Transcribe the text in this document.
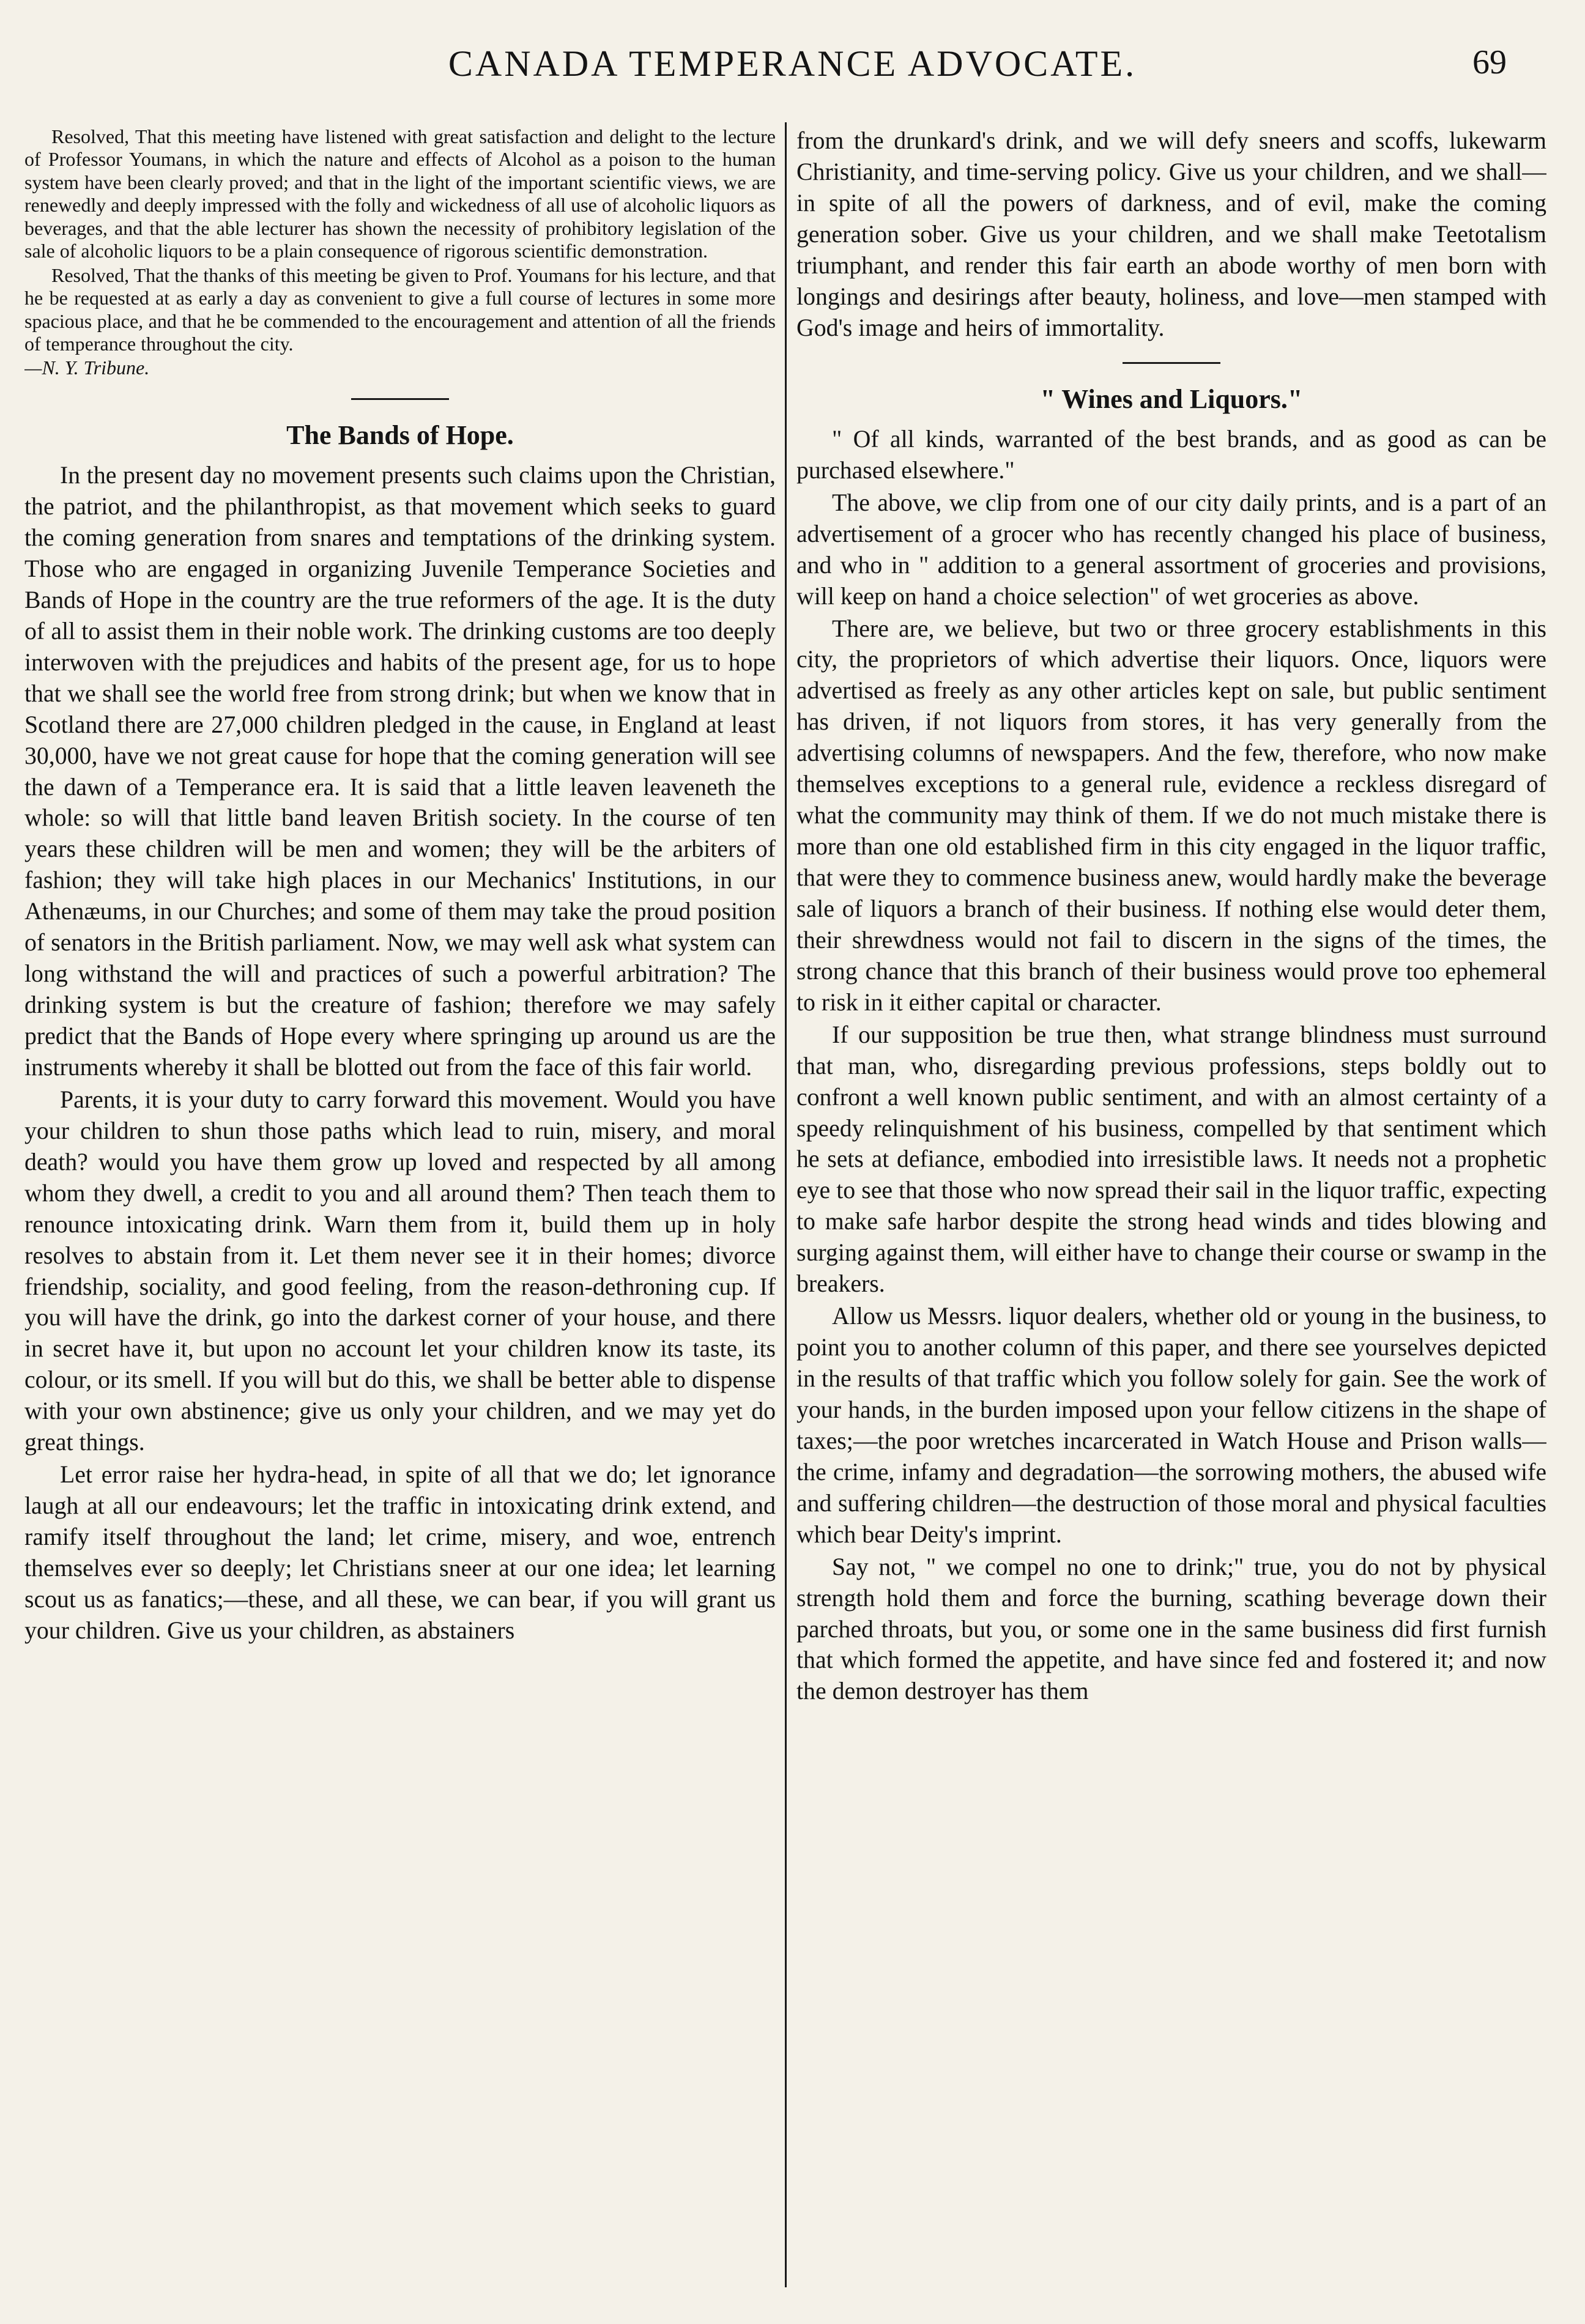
CANADA TEMPERANCE ADVOCATE.	69

Resolved, That this meeting have listened with great satisfaction and delight to the lecture of Professor Youmans, in which the nature and effects of Alcohol as a poison to the human system have been clearly proved; and that in the light of the important scientific views, we are renewedly and deeply impressed with the folly and wickedness of all use of alcoholic liquors as beverages, and that the able lecturer has shown the necessity of prohibitory legislation of the sale of alcoholic liquors to be a plain consequence of rigorous scientific demonstration.

Resolved, That the thanks of this meeting be given to Prof. Youmans for his lecture, and that he be requested at as early a day as convenient to give a full course of lectures in some more spacious place, and that he be commended to the encouragement and attention of all the friends of temperance throughout the city.

—N. Y. Tribune.

The Bands of Hope.

In the present day no movement presents such claims upon the Christian, the patriot, and the philanthropist, as that movement which seeks to guard the coming generation from snares and temptations of the drinking system. Those who are engaged in organizing Juvenile Temperance Societies and Bands of Hope in the country are the true reformers of the age. It is the duty of all to assist them in their noble work. The drinking customs are too deeply interwoven with the prejudices and habits of the present age, for us to hope that we shall see the world free from strong drink; but when we know that in Scotland there are 27,000 children pledged in the cause, in England at least 30,000, have we not great cause for hope that the coming generation will see the dawn of a Temperance era. It is said that a little leaven leaveneth the whole: so will that little band leaven British society. In the course of ten years these children will be men and women; they will be the arbiters of fashion; they will take high places in our Mechanics' Institutions, in our Athenæums, in our Churches; and some of them may take the proud position of senators in the British parliament. Now, we may well ask what system can long withstand the will and practices of such a powerful arbitration? The drinking system is but the creature of fashion; therefore we may safely predict that the Bands of Hope every where springing up around us are the instruments whereby it shall be blotted out from the face of this fair world.

Parents, it is your duty to carry forward this movement. Would you have your children to shun those paths which lead to ruin, misery, and moral death? would you have them grow up loved and respected by all among whom they dwell, a credit to you and all around them? Then teach them to renounce intoxicating drink. Warn them from it, build them up in holy resolves to abstain from it. Let them never see it in their homes; divorce friendship, sociality, and good feeling, from the reason-dethroning cup. If you will have the drink, go into the darkest corner of your house, and there in secret have it, but upon no account let your children know its taste, its colour, or its smell. If you will but do this, we shall be better able to dispense with your own abstinence; give us only your children, and we may yet do great things.

Let error raise her hydra-head, in spite of all that we do; let ignorance laugh at all our endeavours; let the traffic in intoxicating drink extend, and ramify itself throughout the land; let crime, misery, and woe, entrench themselves ever so deeply; let Christians sneer at our one idea; let learning scout us as fanatics;—these, and all these, we can bear, if you will grant us your children. Give us your children, as abstainers

from the drunkard's drink, and we will defy sneers and scoffs, lukewarm Christianity, and time-serving policy. Give us your children, and we shall—in spite of all the powers of darkness, and of evil, make the coming generation sober. Give us your children, and we shall make Teetotalism triumphant, and render this fair earth an abode worthy of men born with longings and desirings after beauty, holiness, and love—men stamped with God's image and heirs of immortality.

" Wines and Liquors."

" Of all kinds, warranted of the best brands, and as good as can be purchased elsewhere."

The above, we clip from one of our city daily prints, and is a part of an advertisement of a grocer who has recently changed his place of business, and who in " addition to a general assortment of groceries and provisions, will keep on hand a choice selection" of wet groceries as above.

There are, we believe, but two or three grocery establishments in this city, the proprietors of which advertise their liquors. Once, liquors were advertised as freely as any other articles kept on sale, but public sentiment has driven, if not liquors from stores, it has very generally from the advertising columns of newspapers. And the few, therefore, who now make themselves exceptions to a general rule, evidence a reckless disregard of what the community may think of them. If we do not much mistake there is more than one old established firm in this city engaged in the liquor traffic, that were they to commence business anew, would hardly make the beverage sale of liquors a branch of their business. If nothing else would deter them, their shrewdness would not fail to discern in the signs of the times, the strong chance that this branch of their business would prove too ephemeral to risk in it either capital or character.

If our supposition be true then, what strange blindness must surround that man, who, disregarding previous professions, steps boldly out to confront a well known public sentiment, and with an almost certainty of a speedy relinquishment of his business, compelled by that sentiment which he sets at defiance, embodied into irresistible laws. It needs not a prophetic eye to see that those who now spread their sail in the liquor traffic, expecting to make safe harbor despite the strong head winds and tides blowing and surging against them, will either have to change their course or swamp in the breakers.

Allow us Messrs. liquor dealers, whether old or young in the business, to point you to another column of this paper, and there see yourselves depicted in the results of that traffic which you follow solely for gain. See the work of your hands, in the burden imposed upon your fellow citizens in the shape of taxes;—the poor wretches incarcerated in Watch House and Prison walls—the crime, infamy and degradation—the sorrowing mothers, the abused wife and suffering children—the destruction of those moral and physical faculties which bear Deity's imprint.

Say not, " we compel no one to drink;" true, you do not by physical strength hold them and force the burning, scathing beverage down their parched throats, but you, or some one in the same business did first furnish that which formed the appetite, and have since fed and fostered it; and now the demon destroyer has them
